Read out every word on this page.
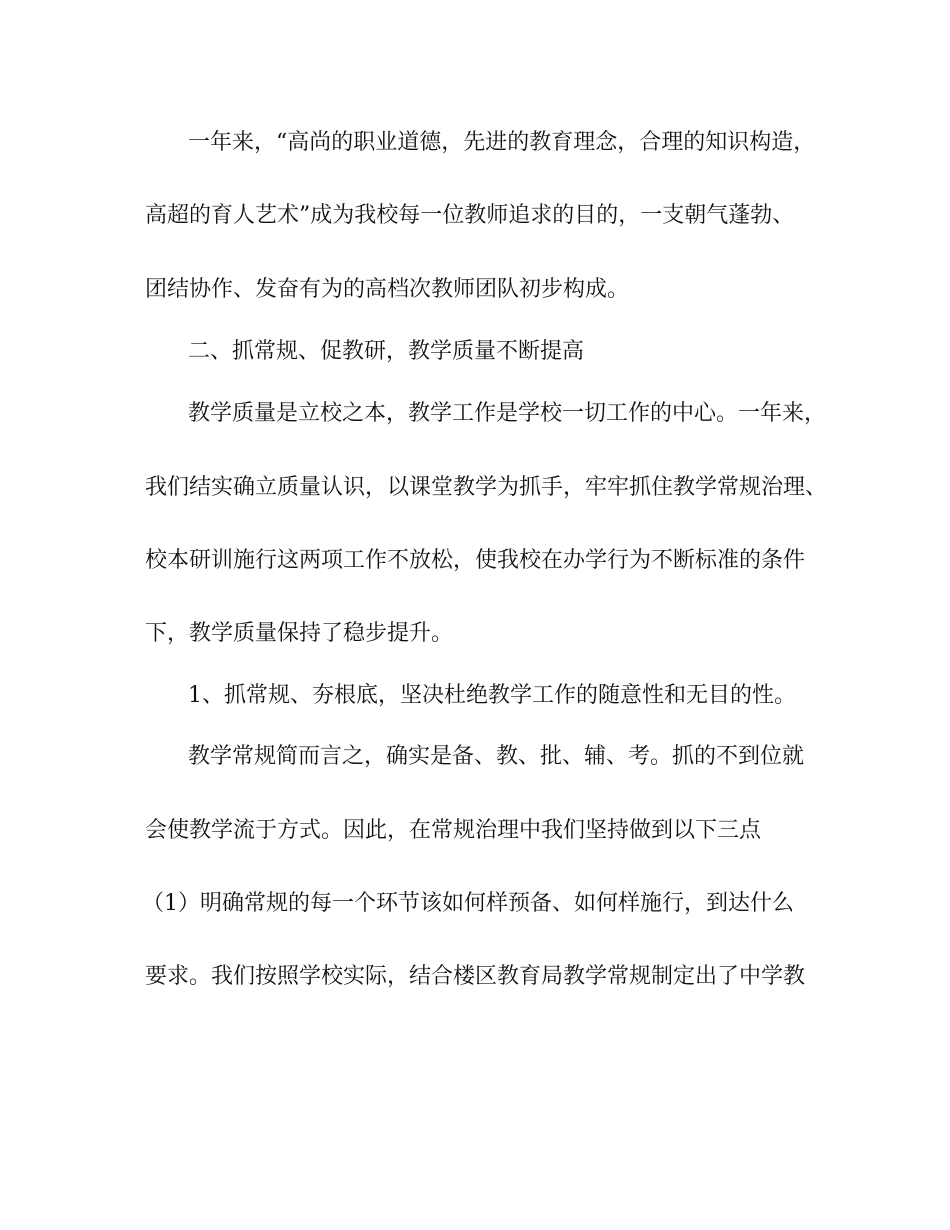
一年来，“高尚的职业道德，先进的教育理念，合理的知识构造，
高超的育人艺术”成为我校每一位教师追求的目的，一支朝气蓬勃、
团结协作、发奋有为的高档次教师团队初步构成。
二、抓常规、促教研，教学质量不断提高
教学质量是立校之本，教学工作是学校一切工作的中心。一年来，
我们结实确立质量认识，以课堂教学为抓手，牢牢抓住教学常规治理、
校本研训施行这两项工作不放松，使我校在办学行为不断标准的条件
下，教学质量保持了稳步提升。
1、抓常规、夯根底，坚决杜绝教学工作的随意性和无目的性。
教学常规简而言之，确实是备、教、批、辅、考。抓的不到位就
会使教学流于方式。因此，在常规治理中我们坚持做到以下三点
（1）明确常规的每一个环节该如何样预备、如何样施行，到达什么
要求。我们按照学校实际，结合楼区教育局教学常规制定出了中学教
